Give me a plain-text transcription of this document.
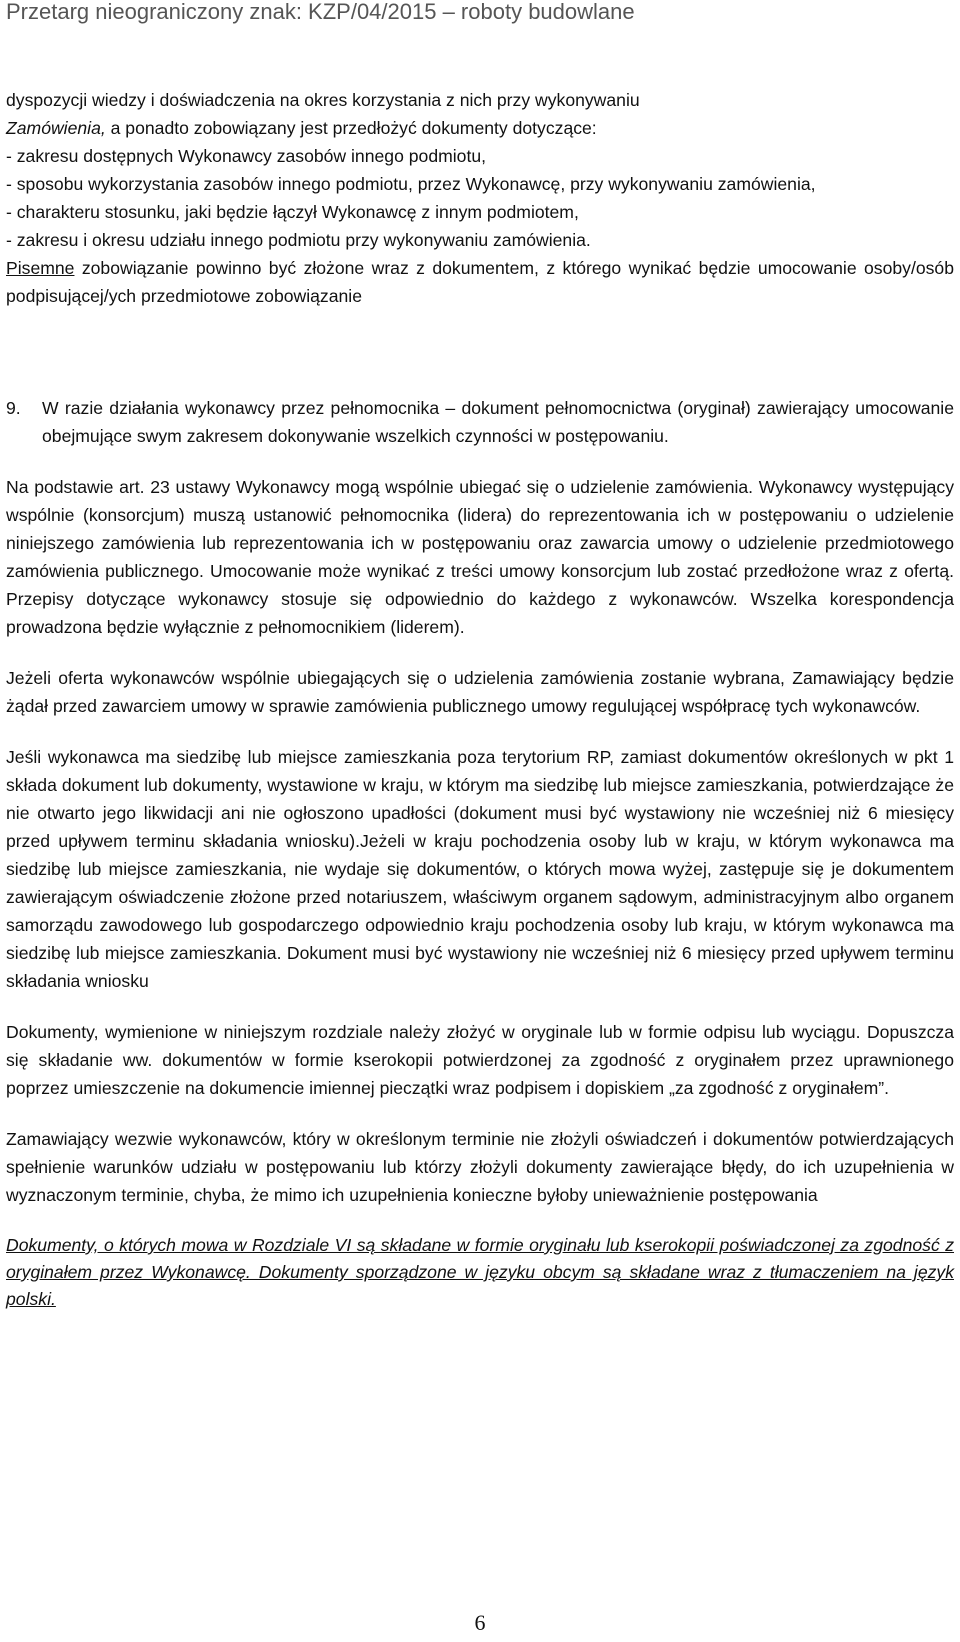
Przetarg nieograniczony znak: KZP/04/2015 – roboty budowlane

dyspozycji wiedzy i doświadczenia na okres korzystania z nich przy wykonywaniu
Zamówienia, a ponadto zobowiązany jest przedłożyć dokumenty dotyczące:
- zakresu dostępnych Wykonawcy zasobów innego podmiotu,
- sposobu wykorzystania zasobów innego podmiotu, przez Wykonawcę, przy wykonywaniu zamówienia,
- charakteru stosunku, jaki będzie łączył Wykonawcę z innym podmiotem,
- zakresu i okresu udziału innego podmiotu przy wykonywaniu zamówienia.

Pisemne zobowiązanie powinno być złożone wraz z dokumentem, z którego wynikać będzie umocowanie osoby/osób podpisującej/ych przedmiotowe zobowiązanie

9.	W razie działania wykonawcy przez pełnomocnika – dokument pełnomocnictwa (oryginał) zawierający umocowanie obejmujące swym zakresem dokonywanie wszelkich czynności w postępowaniu.

Na podstawie art. 23 ustawy Wykonawcy mogą wspólnie ubiegać się o udzielenie zamówienia. Wykonawcy występujący wspólnie (konsorcjum) muszą ustanowić pełnomocnika (lidera) do reprezentowania ich w postępowaniu o udzielenie niniejszego zamówienia lub reprezentowania ich w postępowaniu oraz zawarcia umowy o udzielenie przedmiotowego zamówienia publicznego. Umocowanie może wynikać z treści umowy konsorcjum lub zostać przedłożone wraz z ofertą. Przepisy dotyczące wykonawcy stosuje się odpowiednio do każdego z wykonawców. Wszelka korespondencja prowadzona będzie wyłącznie z pełnomocnikiem (liderem).

Jeżeli oferta wykonawców wspólnie ubiegających się o udzielenia zamówienia zostanie wybrana, Zamawiający będzie żądał przed zawarciem umowy w sprawie zamówienia publicznego umowy regulującej współpracę tych wykonawców.

Jeśli wykonawca ma siedzibę lub miejsce zamieszkania poza terytorium RP, zamiast dokumentów określonych w pkt 1 składa dokument lub dokumenty, wystawione w kraju, w którym ma siedzibę lub miejsce zamieszkania, potwierdzające że nie otwarto jego likwidacji ani nie ogłoszono upadłości (dokument musi być wystawiony nie wcześniej niż 6 miesięcy przed upływem terminu składania wniosku).Jeżeli w kraju pochodzenia osoby lub w kraju, w którym wykonawca ma siedzibę lub miejsce zamieszkania, nie wydaje się dokumentów, o których mowa wyżej, zastępuje się je dokumentem zawierającym oświadczenie złożone przed notariuszem, właściwym organem sądowym, administracyjnym albo organem samorządu zawodowego lub gospodarczego odpowiednio kraju pochodzenia osoby lub kraju, w którym wykonawca ma siedzibę lub miejsce zamieszkania. Dokument musi być wystawiony nie wcześniej niż 6 miesięcy przed upływem terminu składania wniosku

Dokumenty, wymienione w niniejszym rozdziale należy złożyć w oryginale lub w formie odpisu lub wyciągu. Dopuszcza się składanie ww. dokumentów w formie kserokopii potwierdzonej za zgodność z oryginałem przez uprawnionego poprzez umieszczenie na dokumencie imiennej pieczątki wraz podpisem i dopiskiem „za zgodność z oryginałem”.

Zamawiający wezwie wykonawców, który w określonym terminie nie złożyli oświadczeń i dokumentów potwierdzających spełnienie warunków udziału w postępowaniu lub którzy złożyli dokumenty zawierające błędy, do ich uzupełnienia w wyznaczonym terminie, chyba, że mimo ich uzupełnienia konieczne byłoby unieważnienie postępowania

Dokumenty, o których mowa w Rozdziale VI są składane w formie oryginału lub kserokopii poświadczonej za zgodność z oryginałem przez Wykonawcę. Dokumenty sporządzone w języku obcym są składane wraz z tłumaczeniem na język polski.

6
